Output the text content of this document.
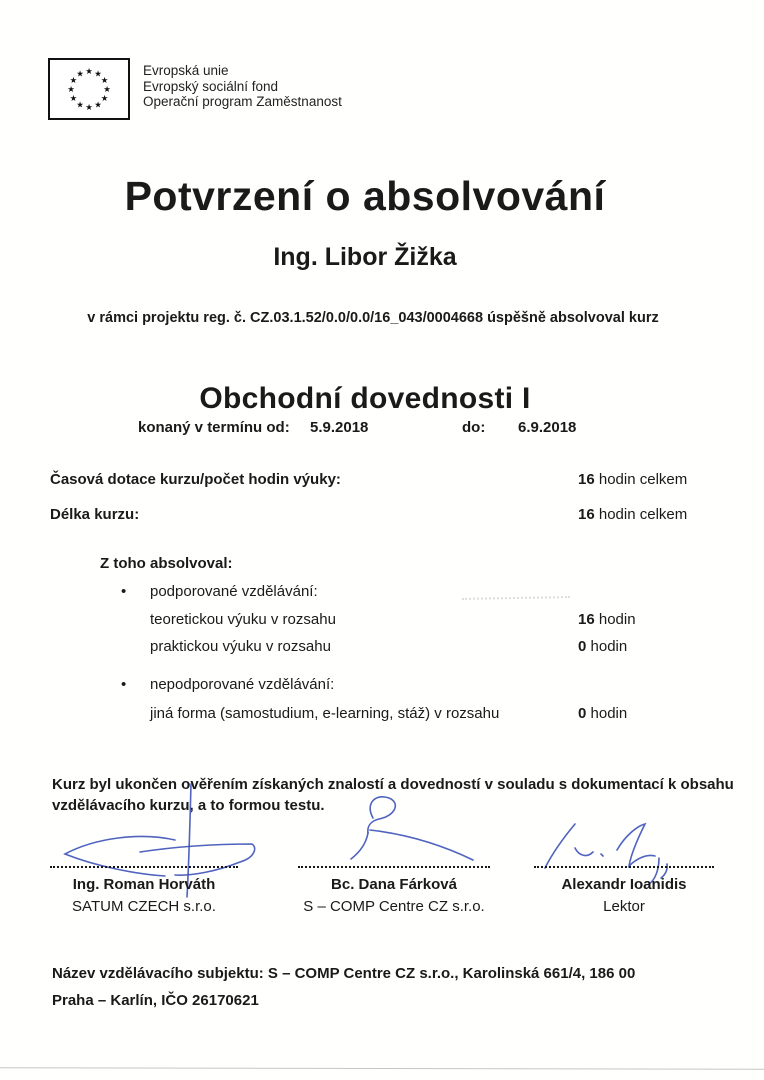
★ ★
★
★
★
★
★
★
★
★
★
★	Evropská unie
Evropský sociální fond
Operační program Zaměstnanost
Potvrzení o absolvování
Ing. Libor Žižka

v rámci projektu reg. č. CZ.03.1.52/0.0/0.0/16_043/0004668 úspěšně absolvoval kurz

Obchodní dovednosti I
konaný v termínu od: 5.9.2018	do: 6.9.2018
Časová dotace kurzu/počet hodin výuky:	16 hodin celkem
Délka kurzu:	16 hodin celkem
Z toho absolvoval:
• podporované vzdělávání:
teoretickou výuku v rozsahu	16 hodin
praktickou výuku v rozsahu	0 hodin
• nepodporované vzdělávání:
jiná forma (samostudium, e-learning, stáž) v rozsahu	0 hodin

Kurz byl ukončen ověřením získaných znalostí a dovedností v souladu s dokumentací k obsahu vzdělávacího kurzu, a to formou testu.

Ing. Roman Horváth
SATUM CZECH s.r.o.
Bc. Dana Fárková
S – COMP Centre CZ s.r.o.
Alexandr Ioanidis
Lektor
Název vzdělávacího subjektu: S – COMP Centre CZ s.r.o., Karolinská 661/4, 186 00
Praha – Karlín, IČO 26170621
